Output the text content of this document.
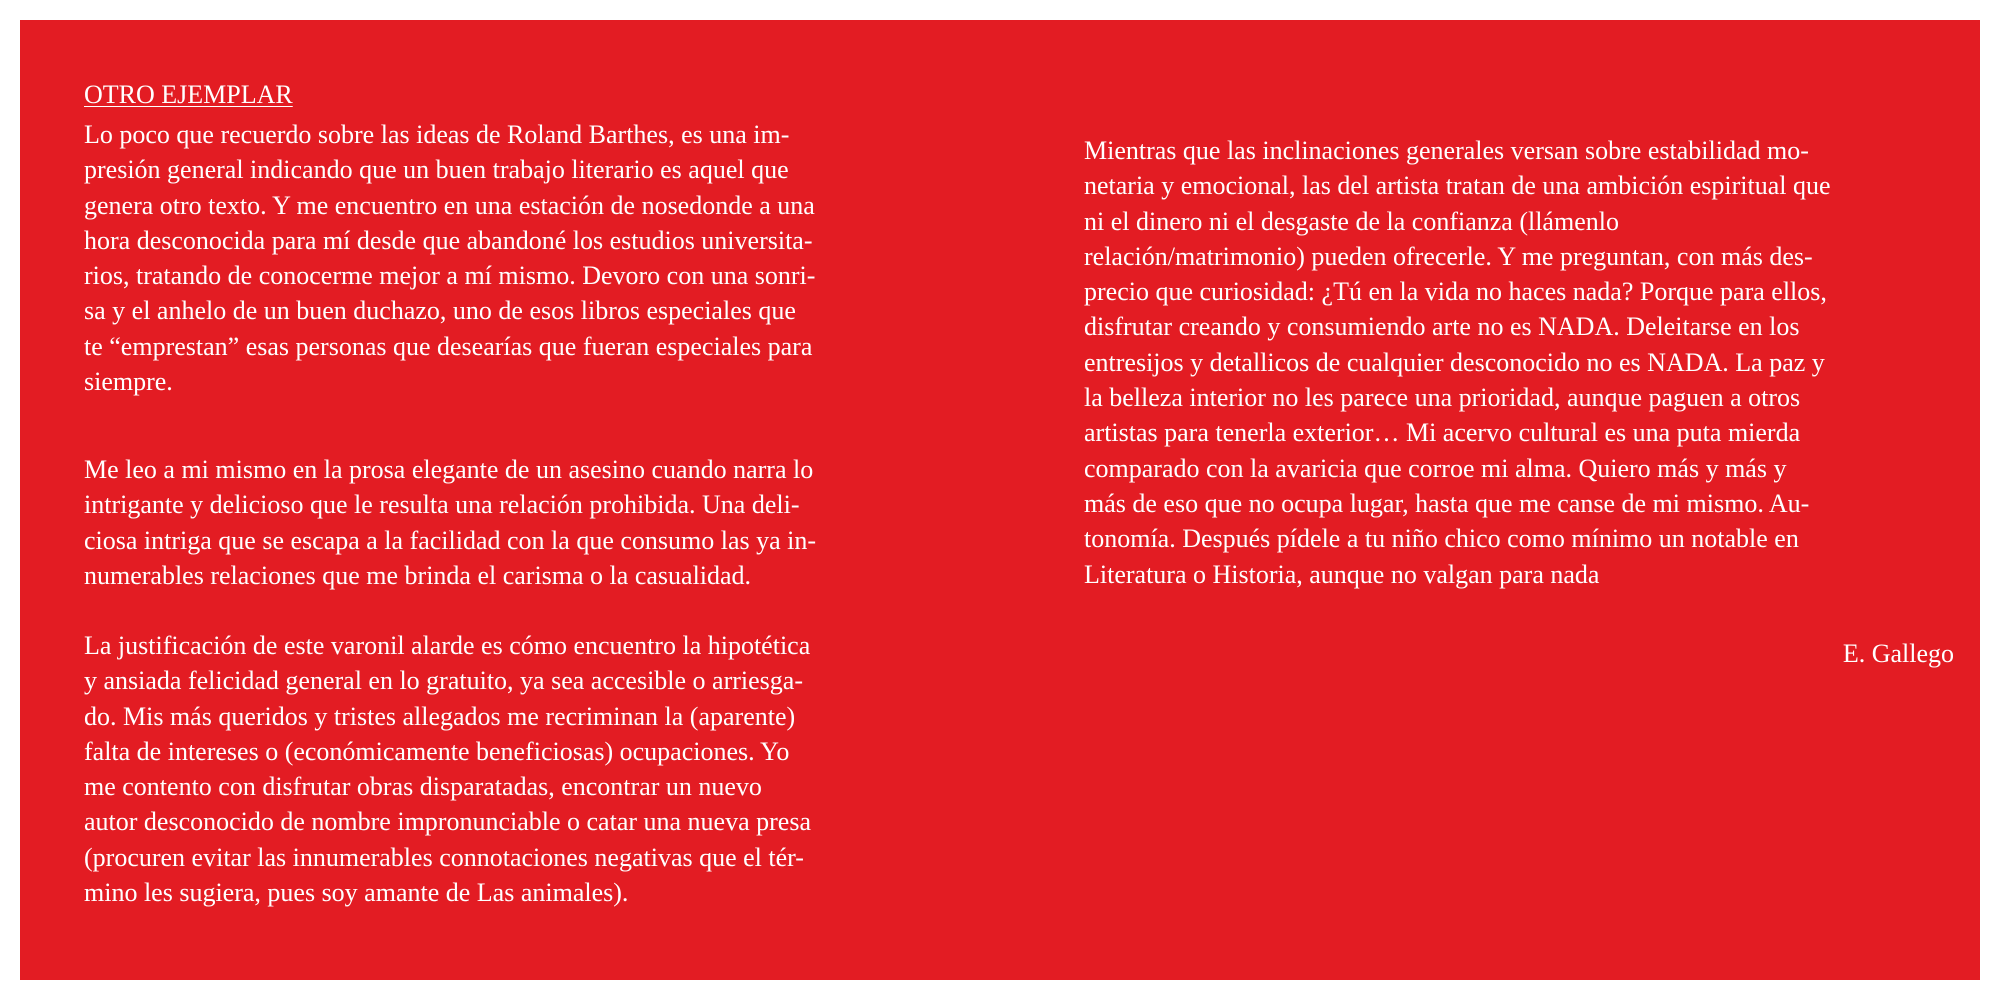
OTRO EJEMPLAR

Lo poco que recuerdo sobre las ideas de Roland Barthes, es una im-
presión general indicando que un buen trabajo literario es aquel que
genera otro texto. Y me encuentro en una estación de nosedonde a una
hora desconocida para mí desde que abandoné los estudios universita-
rios, tratando de conocerme mejor a mí mismo. Devoro con una sonri-
sa y el anhelo de un buen duchazo, uno de esos libros especiales que
te “emprestan” esas personas que desearías que fueran especiales para
siempre.

Me leo a mi mismo en la prosa elegante de un asesino cuando narra lo
intrigante y delicioso que le resulta una relación prohibida. Una deli-
ciosa intriga que se escapa a la facilidad con la que consumo las ya in-
numerables relaciones que me brinda el carisma o la casualidad.

La justificación de este varonil alarde es cómo encuentro la hipotética
y ansiada felicidad general en lo gratuito, ya sea accesible o arriesga-
do. Mis más queridos y tristes allegados me recriminan la (aparente)
falta de intereses o (económicamente beneficiosas) ocupaciones. Yo
me contento con disfrutar obras disparatadas, encontrar un nuevo
autor desconocido de nombre impronunciable o catar una nueva presa
(procuren evitar las innumerables connotaciones negativas que el tér-
mino les sugiera, pues soy amante de Las animales).

Mientras que las inclinaciones generales versan sobre estabilidad mo-
netaria y emocional, las del artista tratan de una ambición espiritual que
ni el dinero ni el desgaste de la confianza (llámenlo
relación/matrimonio) pueden ofrecerle. Y me preguntan, con más des-
precio que curiosidad: ¿Tú en la vida no haces nada? Porque para ellos,
disfrutar creando y consumiendo arte no es NADA. Deleitarse en los
entresijos y detallicos de cualquier desconocido no es NADA. La paz y
la belleza interior no les parece una prioridad, aunque paguen a otros
artistas para tenerla exterior… Mi acervo cultural es una puta mierda
comparado con la avaricia que corroe mi alma. Quiero más y más y
más de eso que no ocupa lugar, hasta que me canse de mi mismo. Au-
tonomía. Después pídele a tu niño chico como mínimo un notable en
Literatura o Historia, aunque no valgan para nada

E. Gallego
